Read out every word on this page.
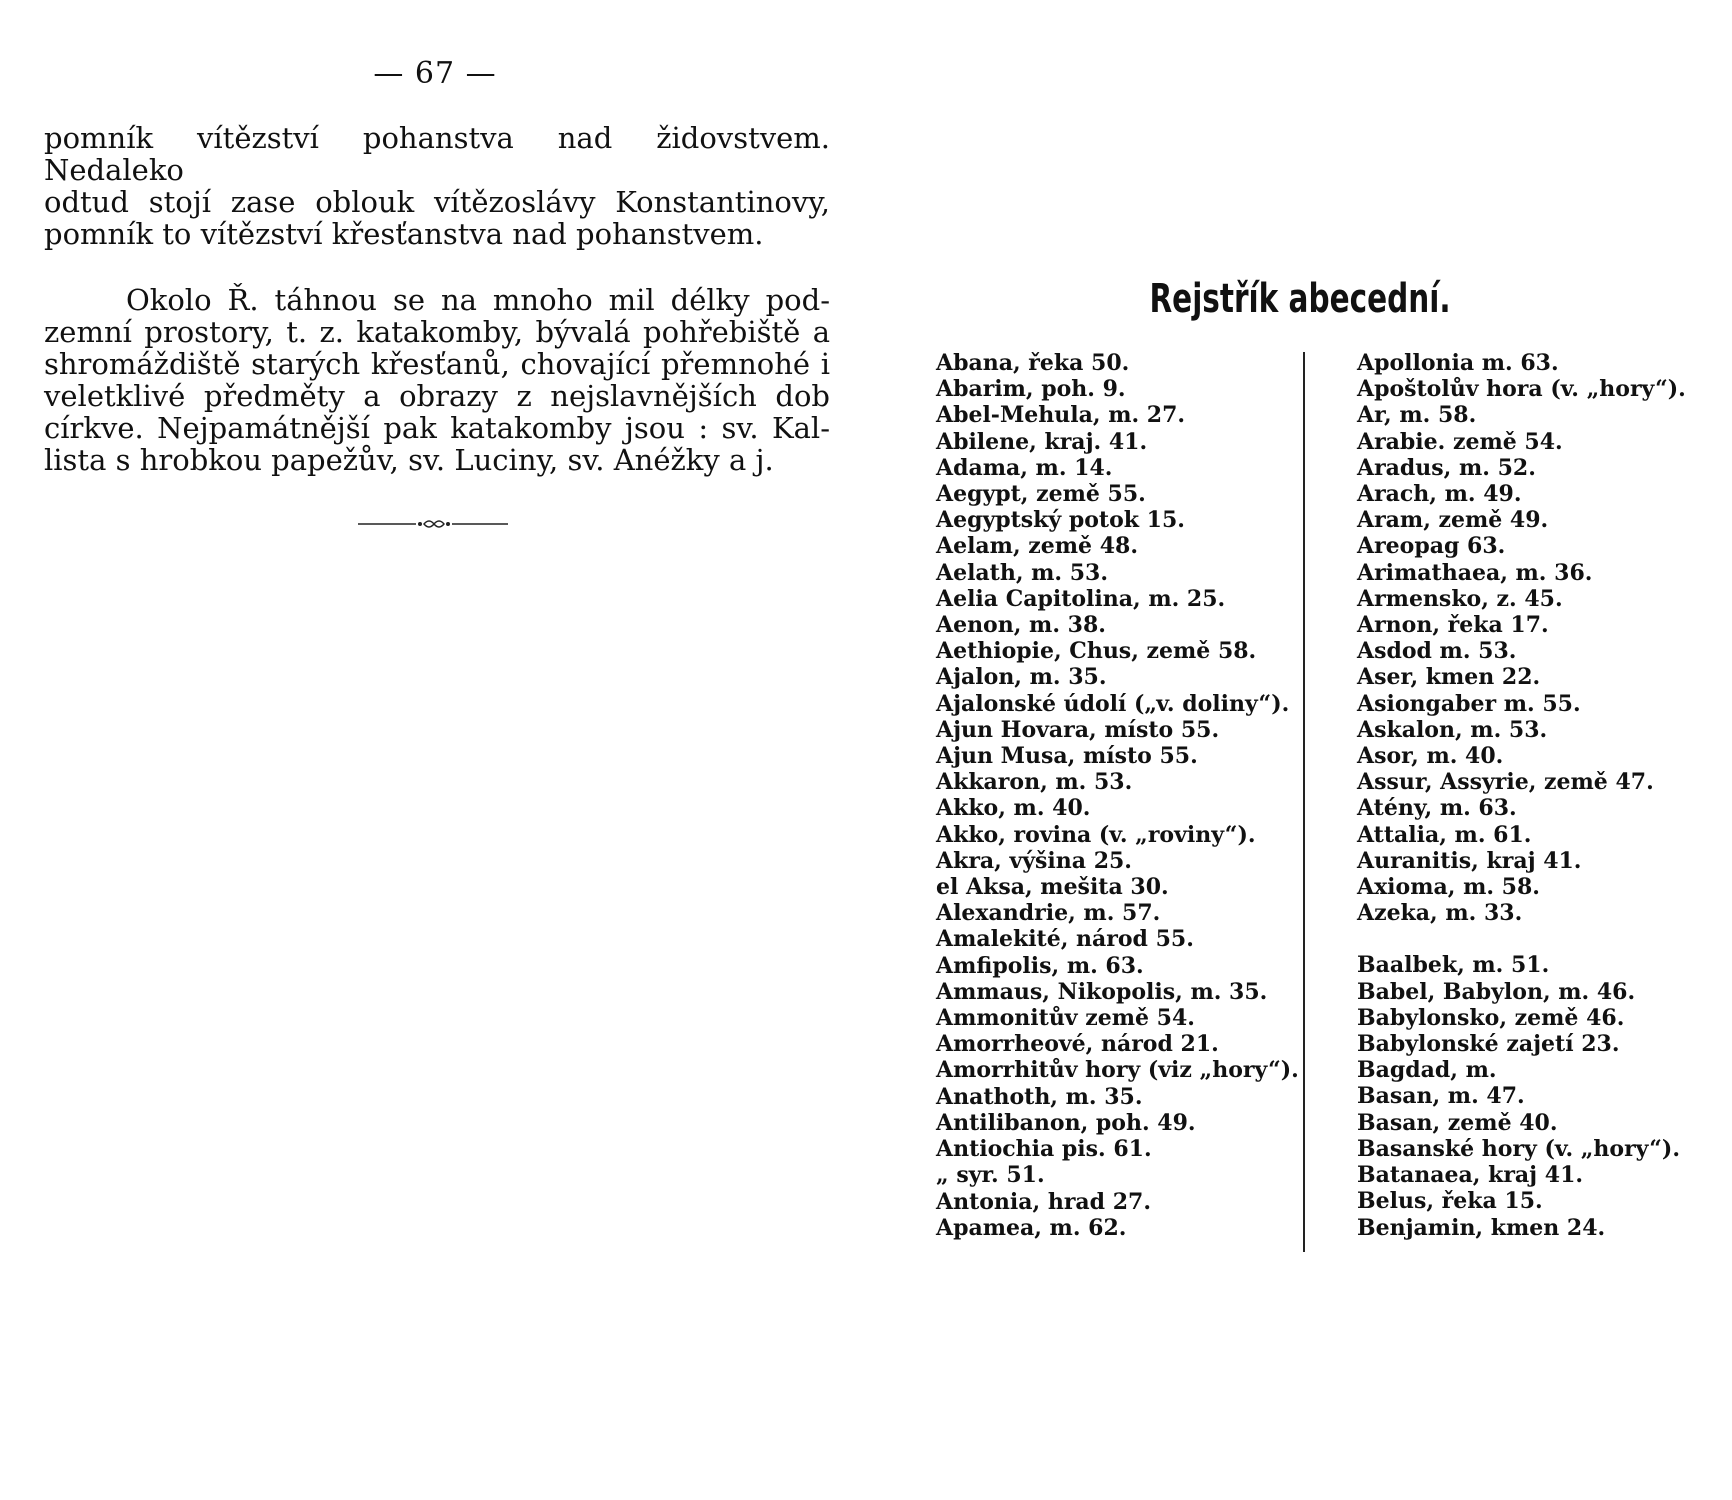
— 67 —

pomník vítězství pohanstva nad židovstvem. Nedaleko
odtud stojí zase oblouk vítězoslávy Konstantinovy,
pomník to vítězství křesťanstva nad pohanstvem.

Okolo Ř. táhnou se na mnoho mil délky pod-
zemní prostory, t. z. katakomby, bývalá pohřebiště a
shromáždiště starých křesťanů, chovající přemnohé i
veletklivé předměty a obrazy z nejslavnějších dob
církve. Nejpamátnější pak katakomby jsou : sv. Kal-
lista s hrobkou papežův, sv. Luciny, sv. Anéžky a j.

Rejstřík abecední.
Abana, řeka 50.
Abarim, poh. 9.
Abel-Mehula, m. 27.
Abilene, kraj. 41.
Adama, m. 14.
Aegypt, země 55.
Aegyptský potok 15.
Aelam, země 48.
Aelath, m. 53.
Aelia Capitolina, m. 25.
Aenon, m. 38.
Aethiopie, Chus, země 58.
Ajalon, m. 35.
Ajalonské údolí („v. doliny“).
Ajun Hovara, místo 55.
Ajun Musa, místo 55.
Akkaron, m. 53.
Akko, m. 40.
Akko, rovina (v. „roviny“).
Akra, výšina 25.
el Aksa, mešita 30.
Alexandrie, m. 57.
Amalekité, národ 55.
Amfipolis, m. 63.
Ammaus, Nikopolis, m. 35.
Ammonitův země 54.
Amorrheové, národ 21.
Amorrhitův hory (viz „hory“).
Anathoth, m. 35.
Antilibanon, poh. 49.
Antiochia pis. 61.
„ syr. 51.
Antonia, hrad 27.
Apamea, m. 62.
Apollonia m. 63.
Apoštolův hora (v. „hory“).
Ar, m. 58.
Arabie. země 54.
Aradus, m. 52.
Arach, m. 49.
Aram, země 49.
Areopag 63.
Arimathaea, m. 36.
Armensko, z. 45.
Arnon, řeka 17.
Asdod m. 53.
Aser, kmen 22.
Asiongaber m. 55.
Askalon, m. 53.
Asor, m. 40.
Assur, Assyrie, země 47.
Atény, m. 63.
Attalia, m. 61.
Auranitis, kraj 41.
Axioma, m. 58.
Azeka, m. 33.
Baalbek, m. 51.
Babel, Babylon, m. 46.
Babylonsko, země 46.
Babylonské zajetí 23.
Bagdad, m.
Basan, m. 47.
Basan, země 40.
Basanské hory (v. „hory“).
Batanaea, kraj 41.
Belus, řeka 15.
Benjamin, kmen 24.
